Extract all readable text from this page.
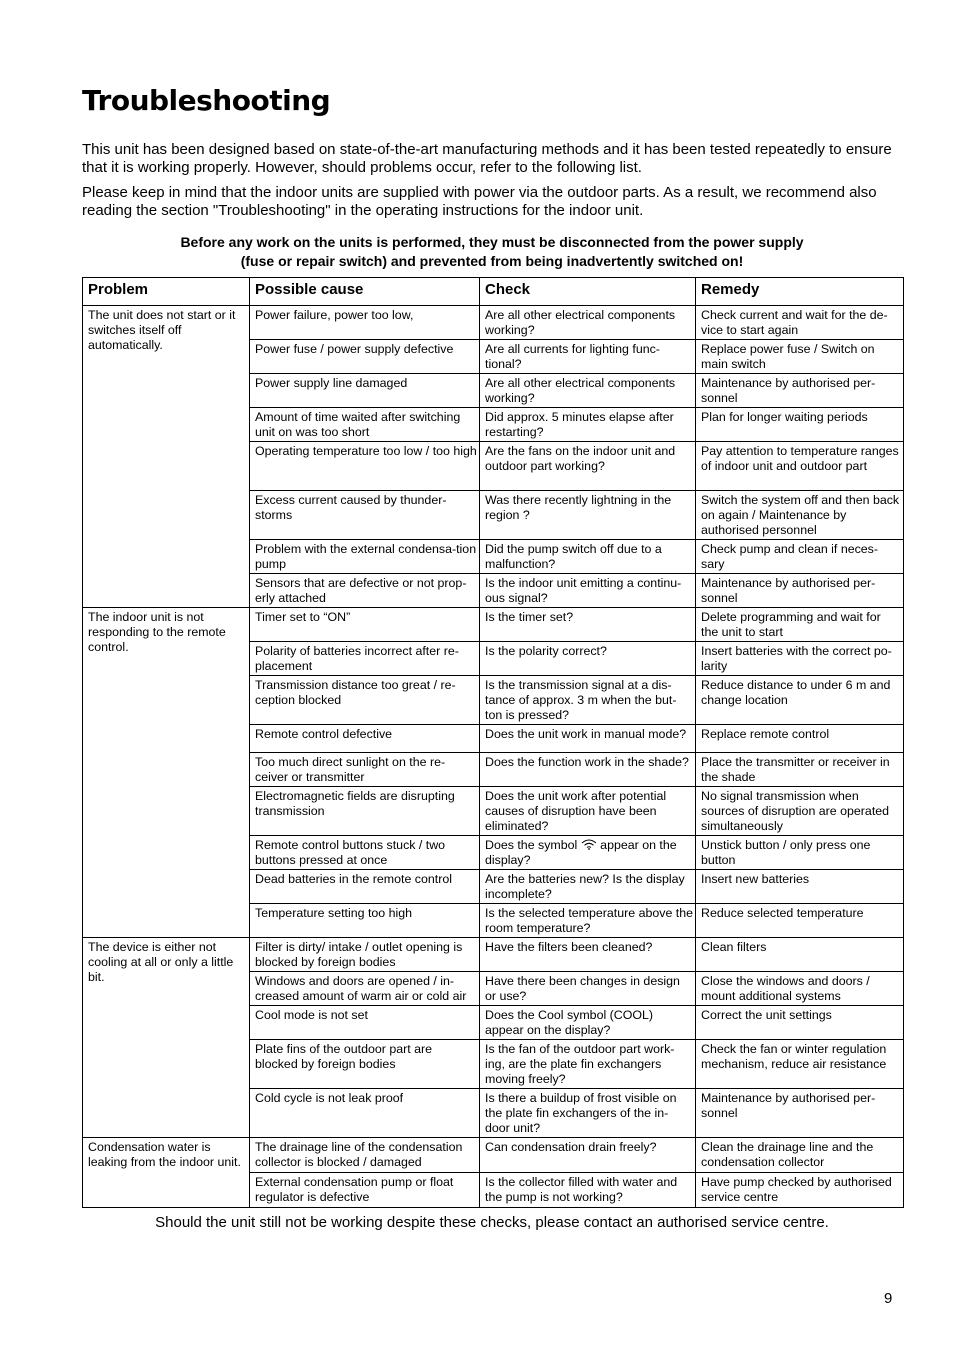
Troubleshooting

This unit has been designed based on state-of-the-art manufacturing methods and it has been tested repeatedly to ensure that it is working properly. However, should problems occur, refer to the following list.

Please keep in mind that the indoor units are supplied with power via the outdoor parts. As a result, we recommend also reading the section "Troubleshooting" in the operating instructions for the indoor unit.

Before any work on the units is performed, they must be disconnected from the power supply
(fuse or repair switch) and prevented from being inadvertently switched on!
Problem	Possible cause	Check	Remedy
The unit does not start or it switches itself off automatically.	Power failure, power too low,	Are all other electrical components working?	Check current and wait for the de-vice to start again
	Power fuse / power supply defective	Are all currents for lighting func-tional?	Replace power fuse / Switch on main switch
	Power supply line damaged	Are all other electrical components working?	Maintenance by authorised per-sonnel
	Amount of time waited after switching unit on was too short	Did approx. 5 minutes elapse after restarting?	Plan for longer waiting periods
	Operating temperature too low / too high	Are the fans on the indoor unit and outdoor part working?	Pay attention to temperature ranges of indoor unit and outdoor part
	Excess current caused by thunder-storms	Was there recently lightning in the region ?	Switch the system off and then back on again / Maintenance by authorised personnel
	Problem with the external condensa-tion pump	Did the pump switch off due to a malfunction?	Check pump and clean if neces-sary
	Sensors that are defective or not prop-erly attached	Is the indoor unit emitting a continu-ous signal?	Maintenance by authorised per-sonnel
The indoor unit is not responding to the remote control.	Timer set to “ON”	Is the timer set?	Delete programming and wait for the unit to start
	Polarity of batteries incorrect after re-placement	Is the polarity correct?	Insert batteries with the correct po-larity
	Transmission distance too great / re-ception blocked	Is the transmission signal at a dis-tance of approx. 3 m when the but-ton is pressed?	Reduce distance to under 6 m and change location
	Remote control defective	Does the unit work in manual mode?	Replace remote control
	Too much direct sunlight on the re-ceiver or transmitter	Does the function work in the shade?	Place the transmitter or receiver in the shade
	Electromagnetic fields are disrupting transmission	Does the unit work after potential causes of disruption have been eliminated?	No signal transmission when sources of disruption are operated simultaneously
	Remote control buttons stuck / two buttons pressed at once	Does the symbol  appear on the display?	Unstick button / only press one button
	Dead batteries in the remote control	Are the batteries new? Is the display incomplete?	Insert new batteries
	Temperature setting too high	Is the selected temperature above the room temperature?	Reduce selected temperature
The device is either not cooling at all or only a little bit.	Filter is dirty/ intake / outlet opening is blocked by foreign bodies	Have the filters been cleaned?	Clean filters
	Windows and doors are opened / in-creased amount of warm air or cold air	Have there been changes in design or use?	Close the windows and doors / mount additional systems
	Cool mode is not set	Does the Cool symbol (COOL) appear on the display?	Correct the unit settings
	Plate fins of the outdoor part are blocked by foreign bodies	Is the fan of the outdoor part work-ing, are the plate fin exchangers moving freely?	Check the fan or winter regulation mechanism, reduce air resistance
	Cold cycle is not leak proof	Is there a buildup of frost visible on the plate fin exchangers of the in-door unit?	Maintenance by authorised per-sonnel
Condensation water is leaking from the indoor unit.	The drainage line of the condensation collector is blocked / damaged	Can condensation drain freely?	Clean the drainage line and the condensation collector
	External condensation pump or float regulator is defective	Is the collector filled with water and the pump is not working?	Have pump checked by authorised service centre
Should the unit still not be working despite these checks, please contact an authorised service centre.
9
